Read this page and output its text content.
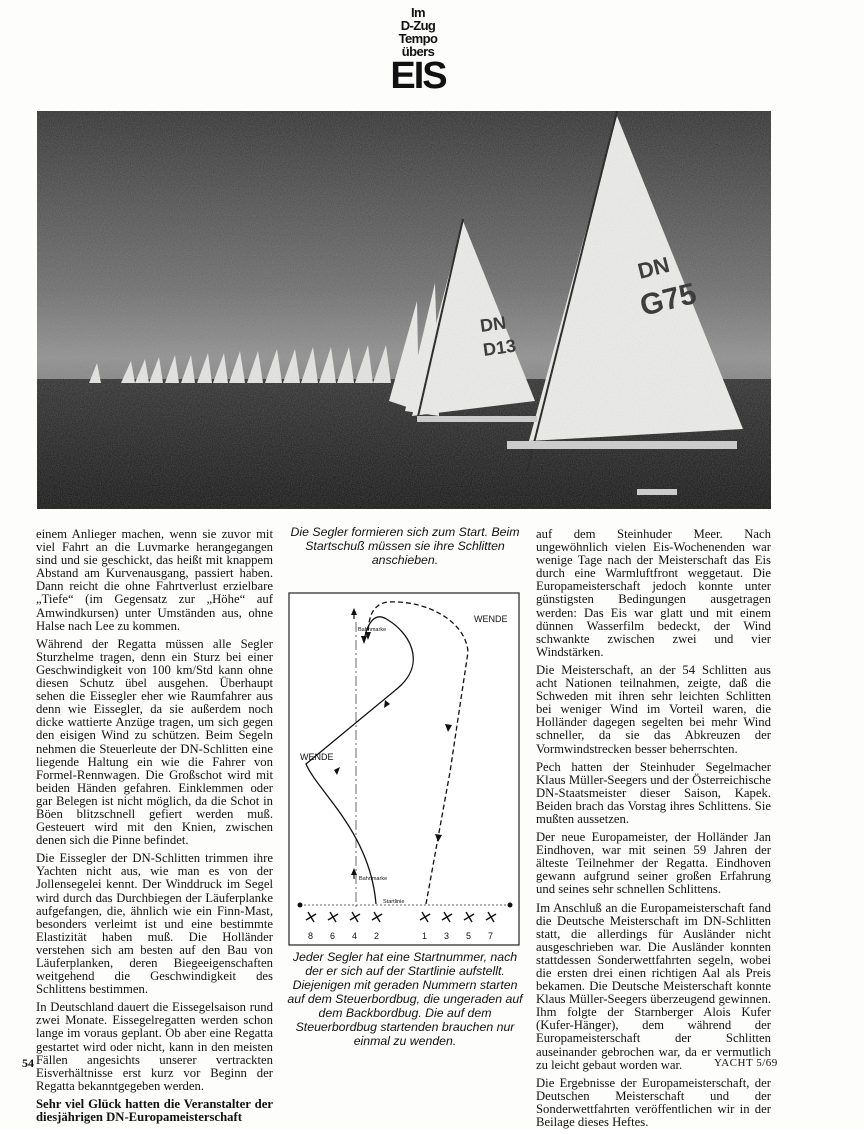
Im
D-Zug
Tempo
übers
EIS

einem Anlieger machen, wenn sie zuvor mit viel Fahrt an die Luvmarke herangegangen sind und sie geschickt, das heißt mit knappem Abstand am Kurvenausgang, passiert haben. Dann reicht die ohne Fahrtverlust erzielbare „Tiefe“ (im Gegensatz zur „Höhe“ auf Amwindkursen) unter Umständen aus, ohne Halse nach Lee zu kommen.

Während der Regatta müssen alle Segler Sturzhelme tragen, denn ein Sturz bei einer Geschwindigkeit von 100 km/Std kann ohne diesen Schutz übel ausgehen. Überhaupt sehen die Eissegler eher wie Raumfahrer aus denn wie Eissegler, da sie außerdem noch dicke wattierte Anzüge tragen, um sich gegen den eisigen Wind zu schützen. Beim Segeln nehmen die Steuerleute der DN-Schlitten eine liegende Haltung ein wie die Fahrer von Formel-Rennwagen. Die Großschot wird mit beiden Händen gefahren. Einklemmen oder gar Belegen ist nicht möglich, da die Schot in Böen blitzschnell gefiert werden muß. Gesteuert wird mit den Knien, zwischen denen sich die Pinne befindet.

Die Eissegler der DN-Schlitten trimmen ihre Yachten nicht aus, wie man es von der Jollensegelei kennt. Der Winddruck im Segel wird durch das Durchbiegen der Läuferplanke aufgefangen, die, ähnlich wie ein Finn-Mast, besonders verleimt ist und eine bestimmte Elastizität haben muß. Die Holländer verstehen sich am besten auf den Bau von Läuferplanken, deren Biegeeigenschaften weitgehend die Geschwindigkeit des Schlittens bestimmen.

In Deutschland dauert die Eissegelsaison rund zwei Monate. Eissegelregatten werden schon lange im voraus geplant. Ob aber eine Regatta gestartet wird oder nicht, kann in den meisten Fällen angesichts unserer vertrackten Eisverhältnisse erst kurz vor Beginn der Regatta bekanntgegeben werden.

Sehr viel Glück hatten die Veranstalter der diesjährigen DN-Europameisterschaft

Die Segler formieren sich zum Start. Beim Startschuß müssen sie ihre Schlitten anschieben.
WENDE
WENDE
Bahnmarke
Bahnmarke
Startlinie
8 6 4 2	1 3 5 7
Jeder Segler hat eine Startnummer, nach der er sich auf der Startlinie aufstellt. Diejenigen mit geraden Nummern starten auf dem Steuerbordbug, die ungeraden auf dem Backbordbug. Die auf dem Steuerbordbug startenden brauchen nur einmal zu wenden.

auf dem Steinhuder Meer. Nach ungewöhnlich vielen Eis-Wochenenden war wenige Tage nach der Meisterschaft das Eis durch eine Warmluftfront weggetaut. Die Europameisterschaft jedoch konnte unter günstigsten Bedingungen ausgetragen werden: Das Eis war glatt und mit einem dünnen Wasserfilm bedeckt, der Wind schwankte zwischen zwei und vier Windstärken.

Die Meisterschaft, an der 54 Schlitten aus acht Nationen teilnahmen, zeigte, daß die Schweden mit ihren sehr leichten Schlitten bei weniger Wind im Vorteil waren, die Holländer dagegen segelten bei mehr Wind schneller, da sie das Abkreuzen der Vormwindstrecken besser beherrschten.

Pech hatten der Steinhuder Segelmacher Klaus Müller-Seegers und der Österreichische DN-Staatsmeister dieser Saison, Kapek. Beiden brach das Vorstag ihres Schlittens. Sie mußten aussetzen.

Der neue Europameister, der Holländer Jan Eindhoven, war mit seinen 59 Jahren der älteste Teilnehmer der Regatta. Eindhoven gewann aufgrund seiner großen Erfahrung und seines sehr schnellen Schlittens.

Im Anschluß an die Europameisterschaft fand die Deutsche Meisterschaft im DN-Schlitten statt, die allerdings für Ausländer nicht ausgeschrieben war. Die Ausländer konnten stattdessen Sonderwettfahrten segeln, wobei die ersten drei einen richtigen Aal als Preis bekamen. Die Deutsche Meisterschaft konnte Klaus Müller-Seegers überzeugend gewinnen. Ihm folgte der Starnberger Alois Kufer (Kufer-Hänger), dem während der Europameisterschaft der Schlitten auseinander gebrochen war, da er vermutlich zu leicht gebaut worden war.

Die Ergebnisse der Europameisterschaft, der Deutschen Meisterschaft und der Sonderwettfahrten veröffentlichen wir in der Beilage dieses Heftes.

54	YACHT 5/69
